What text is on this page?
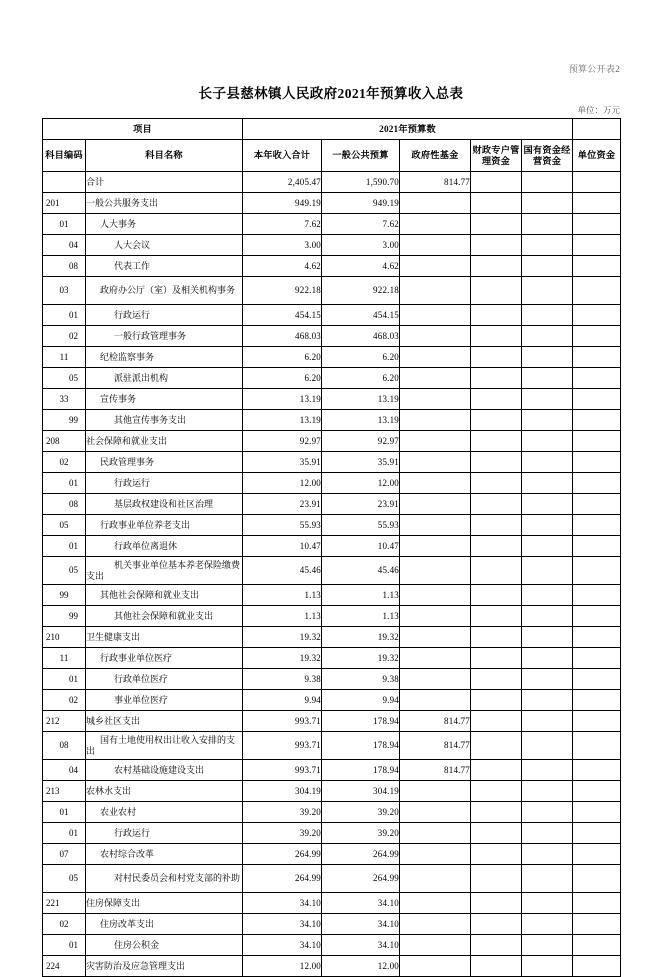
预算公开表2
长子县慈林镇人民政府2021年预算收入总表
单位：万元
项目		2021年预算数					
科目编码	科目名称	本年收入合计	一般公共预算	政府性基金	财政专户管理资金	国有资金经营资金	单位资金

	合计	2,405.47	1,590.70	814.77			
201	一般公共服务支出	949.19	949.19				
01	人大事务	7.62	7.62				
04	人大会议	3.00	3.00				
08	代表工作	4.62	4.62				
03	政府办公厅（室）及相关机构事务	922.18	922.18				
01	行政运行	454.15	454.15				
02	一般行政管理事务	468.03	468.03				
11	纪检监察事务	6.20	6.20				
05	派驻派出机构	6.20	6.20				
33	宣传事务	13.19	13.19				
99	其他宣传事务支出	13.19	13.19				
208	社会保障和就业支出	92.97	92.97				
02	民政管理事务	35.91	35.91				
01	行政运行	12.00	12.00				
08	基层政权建设和社区治理	23.91	23.91				
05	行政事业单位养老支出	55.93	55.93				
01	行政单位离退休	10.47	10.47				
05	机关事业单位基本养老保险缴费支出	45.46	45.46				
99	其他社会保障和就业支出	1.13	1.13				
99	其他社会保障和就业支出	1.13	1.13				
210	卫生健康支出	19.32	19.32				
11	行政事业单位医疗	19.32	19.32				
01	行政单位医疗	9.38	9.38				
02	事业单位医疗	9.94	9.94				
212	城乡社区支出	993.71	178.94	814.77			
08	国有土地使用权出让收入安排的支出	993.71	178.94	814.77			
04	农村基础设施建设支出	993.71	178.94	814.77			
213	农林水支出	304.19	304.19				
01	农业农村	39.20	39.20				
01	行政运行	39.20	39.20				
07	农村综合改革	264.99	264.99				
05	对村民委员会和村党支部的补助	264.99	264.99				
221	住房保障支出	34.10	34.10				
02	住房改革支出	34.10	34.10				
01	住房公积金	34.10	34.10				
224	灾害防治及应急管理支出	12.00	12.00				
